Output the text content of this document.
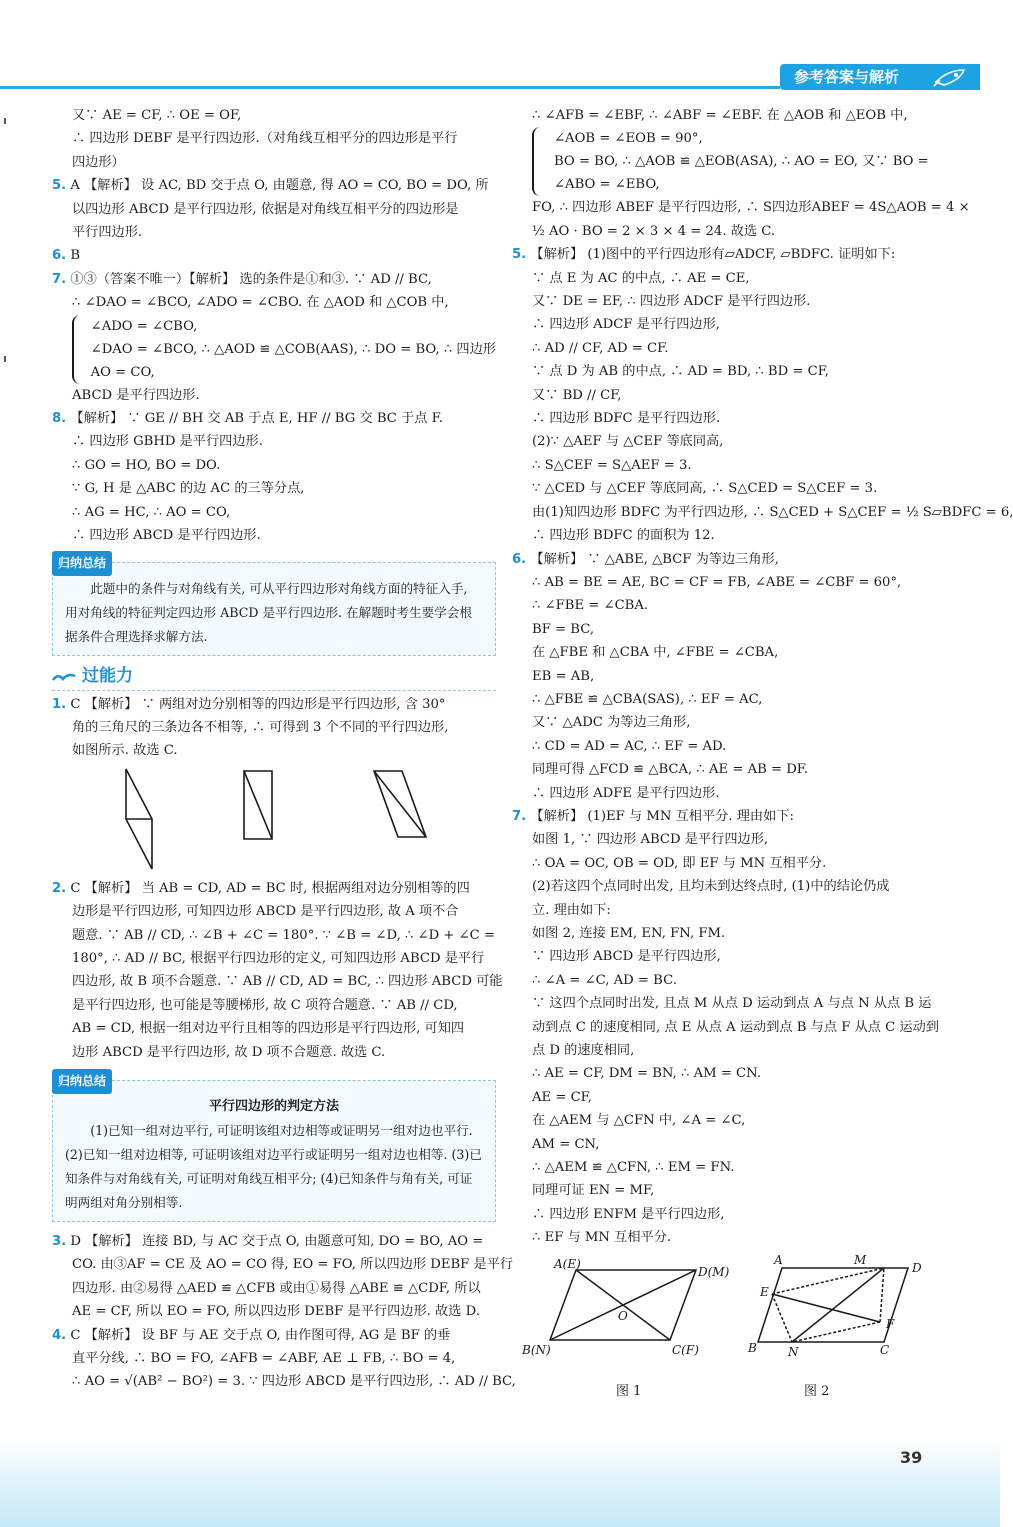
参考答案与解析
又∵ AE = CF, ∴ OE = OF,
∴ 四边形 DEBF 是平行四边形.（对角线互相平分的四边形是平行
四边形）
5. A 【解析】 设 AC, BD 交于点 O, 由题意, 得 AO = CO, BO = DO, 所
以四边形 ABCD 是平行四边形, 依据是对角线互相平分的四边形是
平行四边形.
6. B
7. ①③（答案不唯一）【解析】 选的条件是①和③. ∵ AD // BC,
∴ ∠DAO = ∠BCO, ∠ADO = ∠CBO. 在 △AOD 和 △COB 中,
∠ADO = ∠CBO,
∠DAO = ∠BCO, ∴ △AOD ≌ △COB(AAS), ∴ DO = BO, ∴ 四边形
AO = CO,
ABCD 是平行四边形.
8. 【解析】 ∵ GE // BH 交 AB 于点 E, HF // BG 交 BC 于点 F.
∴ 四边形 GBHD 是平行四边形.
∴ GO = HO, BO = DO.
∵ G, H 是 △ABC 的边 AC 的三等分点,
∴ AG = HC, ∴ AO = CO,
∴ 四边形 ABCD 是平行四边形.
归纳总结
此题中的条件与对角线有关, 可从平行四边形对角线方面的特征入手, 用对角线的特征判定四边形 ABCD 是平行四边形. 在解题时考生要学会根据条件合理选择求解方法.
过能力
1. C 【解析】 ∵ 两组对边分别相等的四边形是平行四边形, 含 30°
角的三角尺的三条边各不相等, ∴ 可得到 3 个不同的平行四边形,
如图所示. 故选 C.
2. C 【解析】 当 AB = CD, AD = BC 时, 根据两组对边分别相等的四
边形是平行四边形, 可知四边形 ABCD 是平行四边形, 故 A 项不合
题意. ∵ AB // CD, ∴ ∠B + ∠C = 180°. ∵ ∠B = ∠D, ∴ ∠D + ∠C =
180°, ∴ AD // BC, 根据平行四边形的定义, 可知四边形 ABCD 是平行
四边形, 故 B 项不合题意. ∵ AB // CD, AD = BC, ∴ 四边形 ABCD 可能
是平行四边形, 也可能是等腰梯形, 故 C 项符合题意. ∵ AB // CD,
AB = CD, 根据一组对边平行且相等的四边形是平行四边形, 可知四
边形 ABCD 是平行四边形, 故 D 项不合题意. 故选 C.
归纳总结
平行四边形的判定方法
(1)已知一组对边平行, 可证明该组对边相等或证明另一组对边也平行. (2)已知一组对边相等, 可证明该组对边平行或证明另一组对边也相等. (3)已知条件与对角线有关, 可证明对角线互相平分; (4)已知条件与角有关, 可证明两组对角分别相等.
3. D 【解析】 连接 BD, 与 AC 交于点 O, 由题意可知, DO = BO, AO =
CO. 由③AF = CE 及 AO = CO 得, EO = FO, 所以四边形 DEBF 是平行
四边形. 由②易得 △AED ≌ △CFB 或由①易得 △ABE ≌ △CDF, 所以
AE = CF, 所以 EO = FO, 所以四边形 DEBF 是平行四边形. 故选 D.
4. C 【解析】 设 BF 与 AE 交于点 O, 由作图可得, AG 是 BF 的垂
直平分线, ∴ BO = FO, ∠AFB = ∠ABF, AE ⊥ FB, ∴ BO = 4,
∴ AO = √(AB² − BO²) = 3. ∵ 四边形 ABCD 是平行四边形, ∴ AD // BC,
∴ ∠AFB = ∠EBF, ∴ ∠ABF = ∠EBF. 在 △AOB 和 △EOB 中,
∠AOB = ∠EOB = 90°,
BO = BO, ∴ △AOB ≌ △EOB(ASA), ∴ AO = EO, 又∵ BO =
∠ABO = ∠EBO,
FO, ∴ 四边形 ABEF 是平行四边形, ∴ S四边形ABEF = 4S△AOB = 4 ×
½ AO · BO = 2 × 3 × 4 = 24. 故选 C.
5. 【解析】 (1)图中的平行四边形有▱ADCF, ▱BDFC. 证明如下:
∵ 点 E 为 AC 的中点, ∴ AE = CE,
又∵ DE = EF, ∴ 四边形 ADCF 是平行四边形.
∴ 四边形 ADCF 是平行四边形,
∴ AD // CF, AD = CF.
∵ 点 D 为 AB 的中点, ∴ AD = BD, ∴ BD = CF,
又∵ BD // CF,
∴ 四边形 BDFC 是平行四边形.
(2)∵ △AEF 与 △CEF 等底同高,
∴ S△CEF = S△AEF = 3.
∵ △CED 与 △CEF 等底同高, ∴ S△CED = S△CEF = 3.
由(1)知四边形 BDFC 为平行四边形, ∴ S△CED + S△CEF = ½ S▱BDFC = 6,
∴ 四边形 BDFC 的面积为 12.
6. 【解析】 ∵ △ABE, △BCF 为等边三角形,
∴ AB = BE = AE, BC = CF = FB, ∠ABE = ∠CBF = 60°,
∴ ∠FBE = ∠CBA.
BF = BC,
在 △FBE 和 △CBA 中, ∠FBE = ∠CBA,
EB = AB,
∴ △FBE ≌ △CBA(SAS), ∴ EF = AC,
又∵ △ADC 为等边三角形,
∴ CD = AD = AC, ∴ EF = AD.
同理可得 △FCD ≌ △BCA, ∴ AE = AB = DF.
∴ 四边形 ADFE 是平行四边形.
7. 【解析】 (1)EF 与 MN 互相平分. 理由如下:
如图 1, ∵ 四边形 ABCD 是平行四边形,
∴ OA = OC, OB = OD, 即 EF 与 MN 互相平分.
(2)若这四个点同时出发, 且均未到达终点时, (1)中的结论仍成
立. 理由如下:
如图 2, 连接 EM, EN, FN, FM.
∵ 四边形 ABCD 是平行四边形,
∴ ∠A = ∠C, AD = BC.
∵ 这四个点同时出发, 且点 M 从点 D 运动到点 A 与点 N 从点 B 运
动到点 C 的速度相同, 点 E 从点 A 运动到点 B 与点 F 从点 C 运动到
点 D 的速度相同,
∴ AE = CF, DM = BN, ∴ AM = CN.
AE = CF,
在 △AEM 与 △CFN 中, ∠A = ∠C,
AM = CN,
∴ △AEM ≌ △CFN, ∴ EM = FN.
同理可证 EN = MF,
∴ 四边形 ENFM 是平行四边形,
∴ EF 与 MN 互相平分.
A(E)
D(M)
B(N)	C(F)
O
A	M
D
E
F
B	N	C
图 1	图 2
39
